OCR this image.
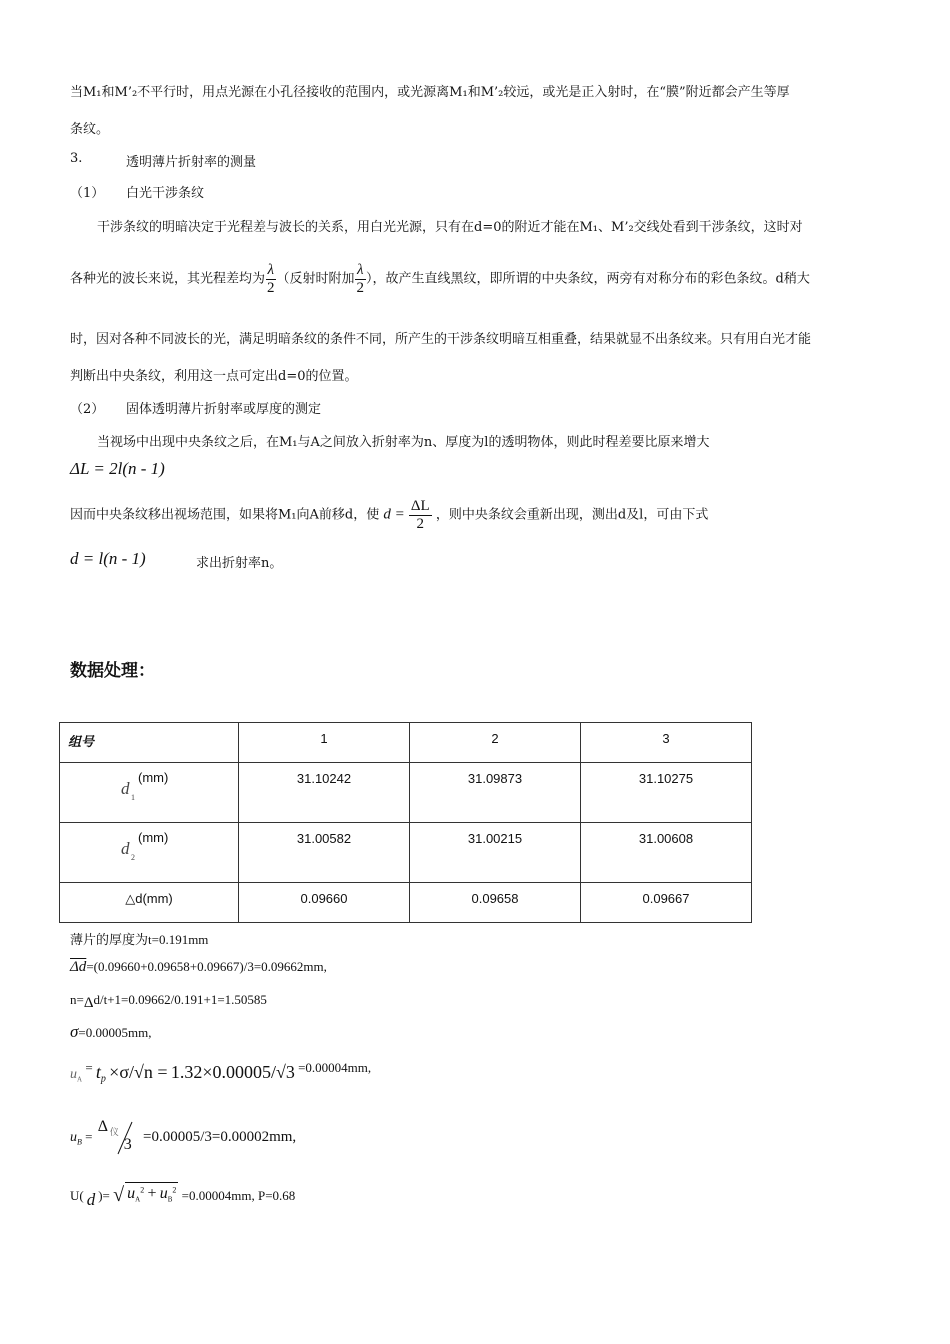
当M₁和M’₂不平行时，用点光源在小孔径接收的范围内，或光源离M₁和M’₂较远，或光是正入射时，在“膜”附近都会产生等厚
条纹。
3.	透明薄片折射率的测量
（1） 白光干涉条纹
干涉条纹的明暗决定于光程差与波长的关系，用白光光源，只有在d=0的附近才能在M₁、M’₂交线处看到干涉条纹，这时对
各种光的波长来说，其光程差均为 $\frac{\lambda}{2}$ （反射时附加 $\frac{\lambda}{2}$ ），故产生直线黑纹，即所谓的中央条纹，两旁有对称分布的彩色条纹。d稍大
时，因对各种不同波长的光，满足明暗条纹的条件不同，所产生的干涉条纹明暗互相重叠，结果就显不出条纹来。只有用白光才能
判断出中央条纹，利用这一点可定出d=0的位置。
（2） 固体透明薄片折射率或厚度的测定
当视场中出现中央条纹之后，在M₁与A之间放入折射率为n、厚度为l的透明物体，则此时程差要比原来增大
ΔL = 2l(n - 1)
因而中央条纹移出视场范围，如果将M₁向A前移d，使 $d = \frac{\Delta L}{2}$ ，则中央条纹会重新出现，测出d及l，可由下式
d = l(n - 1)	求出折射率n。
数据处理：
组号	1	2	3

d 1
(mm)	31.10242	31.09873	31.10275

d 2
(mm)	31.00582	31.00215	31.00608
△d(mm)	0.09660	0.09658	0.09667
薄片的厚度为t=0.191mm
$\overline{\Delta d}=(0.09660+0.09658+0.09667)/3=0.09662mm$,
n=Δd/t+1=0.09662/0.191+1=1.50585
σ=0.00005mm,
$u_A = t_p \times\sigma/√n = 1.32\times 0.00005/√3 =0.00004mm$,
$u_B$ =
Δ 仪
3 =0.00005/3=0.00002mm,
U( d )= √ $u_A^2 + u_B^2 =0.00004mm$, P=0.68
